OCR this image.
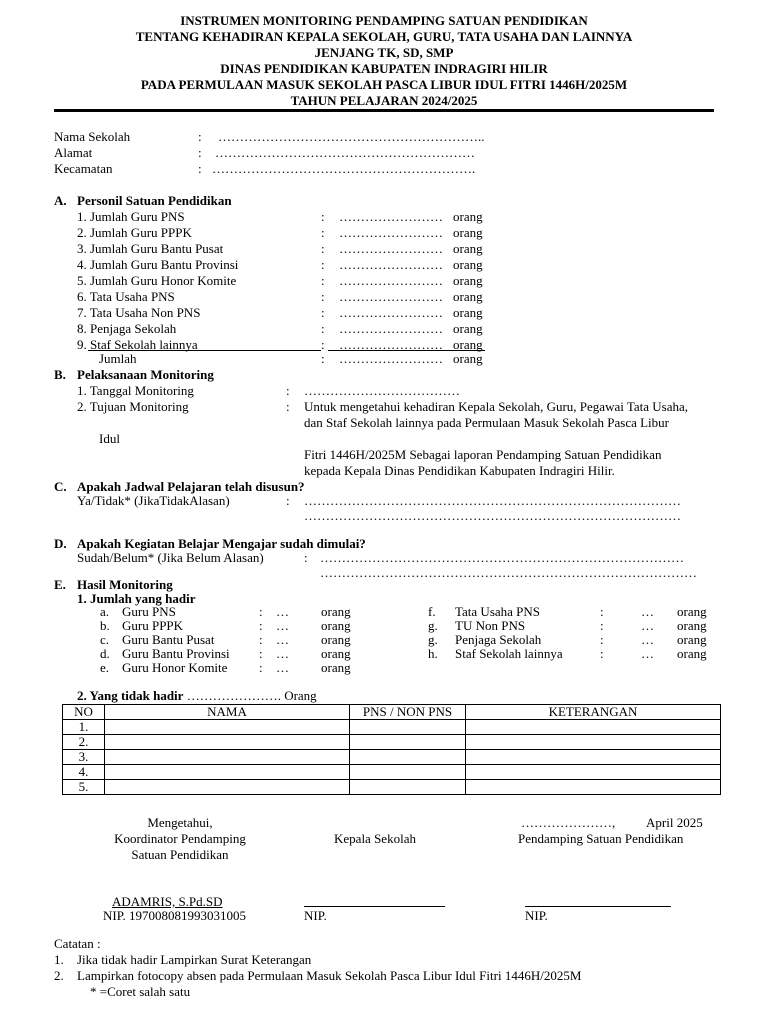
INSTRUMEN MONITORING PENDAMPING SATUAN PENDIDIKAN
TENTANG KEHADIRAN KEPALA SEKOLAH, GURU, TATA USAHA DAN LAINNYA
JENJANG TK, SD, SMP
DINAS PENDIDIKAN KABUPATEN INDRAGIRI HILIR
PADA PERMULAAN MASUK SEKOLAH PASCA LIBUR IDUL FITRI 1446H/2025M
TAHUN PELAJARAN 2024/2025
Nama Sekolah	: ……………………………………………………..
Alamat	: ……………………………………………………
Kecamatan	: …………………………………………………….
A. Personil Satuan Pendidikan
1. Jumlah Guru PNS	: …………………… orang
2. Jumlah Guru PPPK	: …………………… orang
3. Jumlah Guru Bantu Pusat	: …………………… orang
4. Jumlah Guru Bantu Provinsi	: …………………… orang
5. Jumlah Guru Honor Komite	: …………………… orang
6. Tata Usaha PNS	: …………………… orang
7. Tata Usaha Non PNS	: …………………… orang
8. Penjaga Sekolah	: …………………… orang
9. Staf Sekolah lainnya	: …………………… orang
Jumlah	: …………………… orang
B. Pelaksanaan Monitoring
1. Tanggal Monitoring	: ………………………………
2. Tujuan Monitoring	: Untuk mengetahui kehadiran Kepala Sekolah, Guru, Pegawai Tata Usaha,
dan Staf Sekolah lainnya pada Permulaan Masuk Sekolah Pasca Libur
Idul
Fitri 1446H/2025M Sebagai laporan Pendamping Satuan Pendidikan
kepada Kepala Dinas Pendidikan Kabupaten Indragiri Hilir.
C. Apakah Jadwal Pelajaran telah disusun?
Ya/Tidak* (JikaTidakAlasan)	: ……………………………………………………………………………
……………………………………………………………………………
D. Apakah Kegiatan Belajar Mengajar sudah dimulai?
Sudah/Belum* (Jika Belum Alasan)	: …………………………………………………………………………
……………………………………………………………………………
E. Hasil Monitoring
1. Jumlah yang hadir
a. Guru PNS	: … orang
b. Guru PPPK	: … orang
c. Guru Bantu Pusat	: … orang
d. Guru Bantu Provinsi : … orang
e. Guru Honor Komite : … orang
f. Tata Usaha PNS	:	… orang
g. TU Non PNS	:	… orang
g. Penjaga Sekolah	:	… orang
h. Staf Sekolah lainnya	:	… orang
2. Yang tidak hadir …………………. Orang
NO	NAMA	PNS / NON PNS	KETERANGAN
1.			
2.			
3.			
4.			
5.			
Mengetahui,
Koordinator Pendamping
Satuan Pendidikan
Kepala Sekolah
…………………, April 2025
Pendamping Satuan Pendidikan
ADAMRIS, S.Pd.SD
NIP. 197008081993031005	NIP.	NIP.
Catatan :
1. Jika tidak hadir Lampirkan Surat Keterangan
2. Lampirkan fotocopy absen pada Permulaan Masuk Sekolah Pasca Libur Idul Fitri 1446H/2025M
* =Coret salah satu
